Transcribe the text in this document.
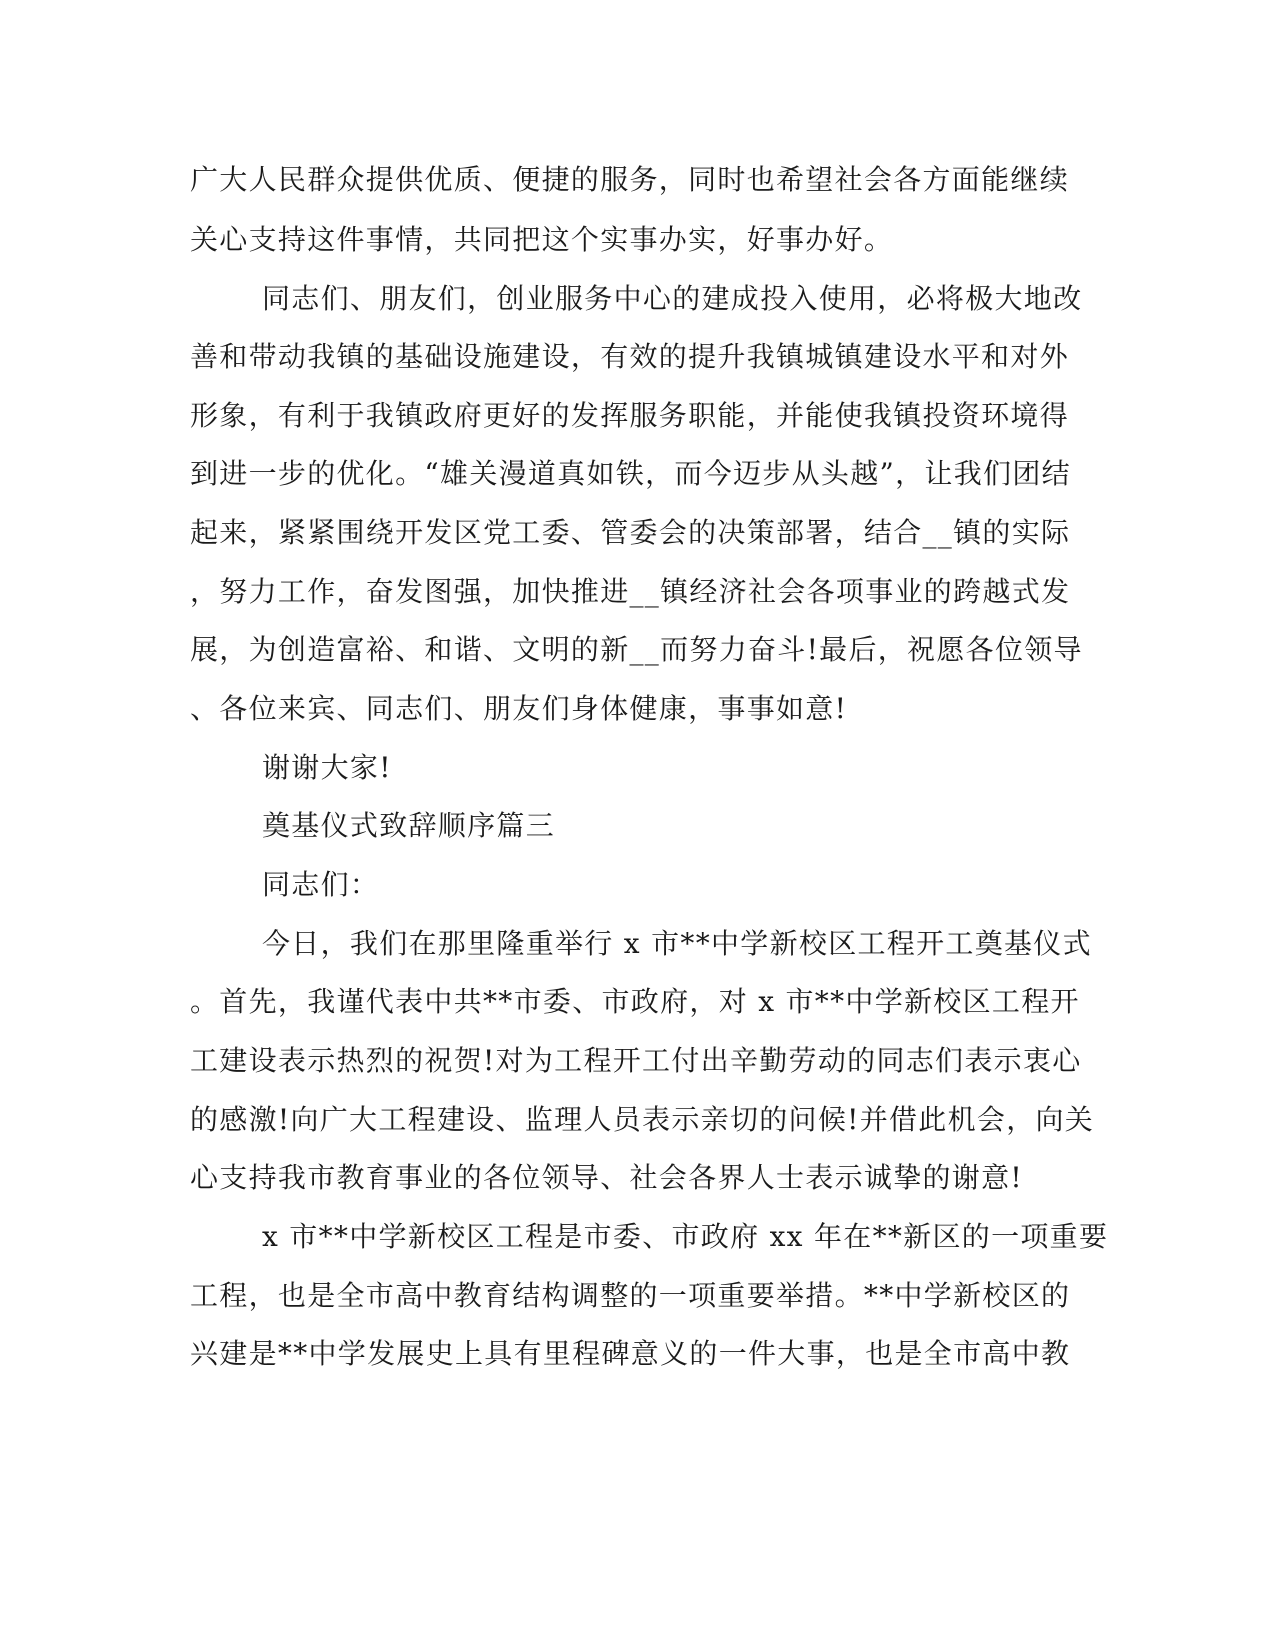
广大人民群众提供优质、便捷的服务，同时也希望社会各方面能继续
关心支持这件事情，共同把这个实事办实，好事办好。
同志们、朋友们，创业服务中心的建成投入使用，必将极大地改
善和带动我镇的基础设施建设，有效的提升我镇城镇建设水平和对外
形象，有利于我镇政府更好的发挥服务职能，并能使我镇投资环境得
到进一步的优化。“雄关漫道真如铁，而今迈步从头越”，让我们团结
起来，紧紧围绕开发区党工委、管委会的决策部署，结合__镇的实际
，努力工作，奋发图强，加快推进__镇经济社会各项事业的跨越式发
展，为创造富裕、和谐、文明的新__而努力奋斗!最后，祝愿各位领导
、各位来宾、同志们、朋友们身体健康，事事如意!
谢谢大家!
奠基仪式致辞顺序篇三
同志们：
今日，我们在那里隆重举行 x 市**中学新校区工程开工奠基仪式
。首先，我谨代表中共**市委、市政府，对 x 市**中学新校区工程开
工建设表示热烈的祝贺!对为工程开工付出辛勤劳动的同志们表示衷心
的感激!向广大工程建设、监理人员表示亲切的问候!并借此机会，向关
心支持我市教育事业的各位领导、社会各界人士表示诚挚的谢意!
x 市**中学新校区工程是市委、市政府 xx 年在**新区的一项重要
工程，也是全市高中教育结构调整的一项重要举措。**中学新校区的
兴建是**中学发展史上具有里程碑意义的一件大事，也是全市高中教
